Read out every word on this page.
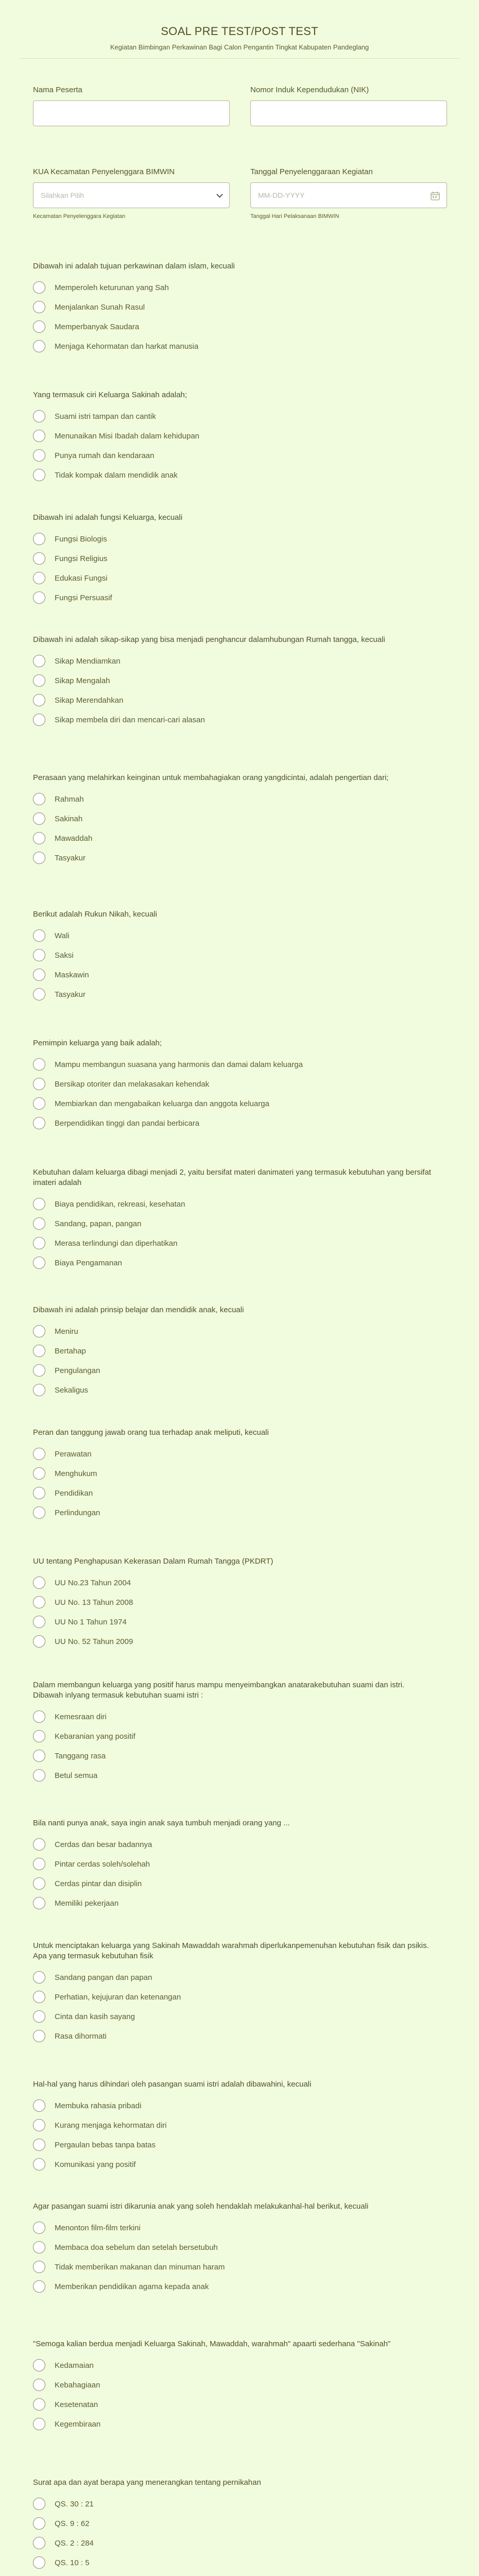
SOAL PRE TEST/POST TEST

Kegiatan Bimbingan Perkawinan Bagi Calon Pengantin Tingkat Kabupaten Pandeglang

Nama Peserta	Nomor Induk Kependudukan (NIK)
KUA Kecamatan Penyelenggara BIMWIN
Silahkan Pilih
Kecamatan Penyelenggara Kegiatan
Tanggal Penyelenggaraan Kegiatan
MM-DD-YYYY
Tanggal Hari Pelaksanaan BIMWIN
Dibawah ini adalah tujuan perkawinan dalam islam, kecuali
Memperoleh keturunan yang Sah
Menjalankan Sunah Rasul
Memperbanyak Saudara
Menjaga Kehormatan dan harkat manusia
Yang termasuk ciri Keluarga Sakinah adalah;
Suami istri tampan dan cantik
Menunaikan Misi Ibadah dalam kehidupan
Punya rumah dan kendaraan
Tidak kompak dalam mendidik anak
Dibawah ini adalah fungsi Keluarga, kecuali
Fungsi Biologis
Fungsi Religius
Edukasi Fungsi
Fungsi Persuasif
Dibawah ini adalah sikap-sikap yang bisa menjadi penghancur dalamhubungan Rumah tangga, kecuali
Sikap Mendiamkan
Sikap Mengalah
Sikap Merendahkan
Sikap membela diri dan mencari-cari alasan
Perasaan yang melahirkan keinginan untuk membahagiakan orang yangdicintai, adalah pengertian dari;
Rahmah
Sakinah
Mawaddah
Tasyakur
Berikut adalah Rukun Nikah, kecuali
Wali
Saksi
Maskawin
Tasyakur
Pemimpin keluarga yang baik adalah;
Mampu membangun suasana yang harmonis dan damai dalam keluarga
Bersikap otoriter dan melakasakan kehendak
Membiarkan dan mengabaikan keluarga dan anggota keluarga
Berpendidikan tinggi dan pandai berbicara
Kebutuhan dalam keluarga dibagi menjadi 2, yaitu bersifat materi danimateri yang termasuk kebutuhan yang bersifat imateri adalah
Biaya pendidikan, rekreasi, kesehatan
Sandang, papan, pangan
Merasa terlindungi dan diperhatikan
Biaya Pengamanan
Dibawah ini adalah prinsip belajar dan mendidik anak, kecuali
Meniru
Bertahap
Pengulangan
Sekaligus
Peran dan tanggung jawab orang tua terhadap anak meliputi, kecuali
Perawatan
Menghukum
Pendidikan
Perlindungan
UU tentang Penghapusan Kekerasan Dalam Rumah Tangga (PKDRT)
UU No.23 Tahun 2004
UU No. 13 Tahun 2008
UU No 1 Tahun 1974
UU No. 52 Tahun 2009
Dalam membangun keluarga yang positif harus mampu menyeimbangkan anatarakebutuhan suami dan istri. Dibawah inlyang termasuk kebutuhan suami istri :
Kemesraan diri
Kebaranian yang positif
Tanggang rasa
Betul semua
Bila nanti punya anak, saya ingin anak saya tumbuh menjadi orang yang ...
Cerdas dan besar badannya
Pintar cerdas soleh/solehah
Cerdas pintar dan disiplin
Memiliki pekerjaan
Untuk menciptakan keluarga yang Sakinah Mawaddah warahmah diperlukanpemenuhan kebutuhan fisik dan psikis. Apa yang termasuk kebutuhan fisik
Sandang pangan dan papan
Perhatian, kejujuran dan ketenangan
Cinta dan kasih sayang
Rasa dihormati
Hal-hal yang harus dihindari oleh pasangan suami istri adalah dibawahini, kecuali
Membuka rahasia pribadi
Kurang menjaga kehormatan diri
Pergaulan bebas tanpa batas
Komunikasi yang positif
Agar pasangan suami istri dikarunia anak yang soleh hendaklah melakukanhal-hal berikut, kecuali
Menonton film-film terkini
Membaca doa sebelum dan setelah bersetubuh
Tidak memberikan makanan dan minuman haram
Memberikan pendidikan agama kepada anak
"Semoga kalian berdua menjadi Keluarga Sakinah, Mawaddah, warahmah" apaarti sederhana "Sakinah"
Kedamaian
Kebahagiaan
Kesetenatan
Kegembiraan
Surat apa dan ayat berapa yang menerangkan tentang pernikahan
QS. 30 : 21
QS. 9 : 62
QS. 2 : 284
QS. 10 : 5
